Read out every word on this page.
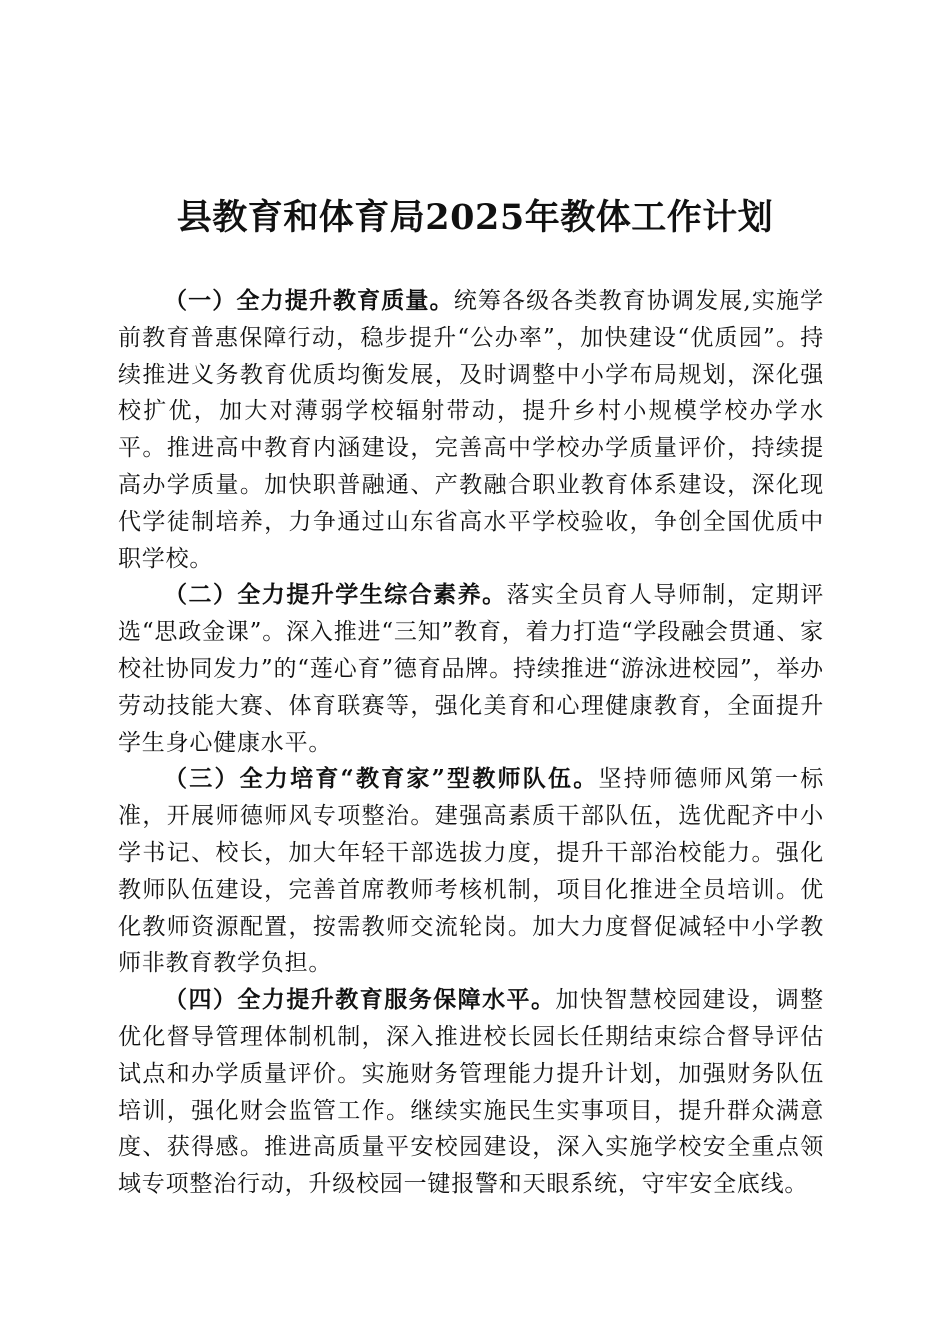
县教育和体育局2025年教体工作计划

（一）全力提升教育质量。统筹各级各类教育协调发展,实施学前教育普惠保障行动，稳步提升“公办率”，加快建设“优质园”。持续推进义务教育优质均衡发展，及时调整中小学布局规划，深化强校扩优，加大对薄弱学校辐射带动，提升乡村小规模学校办学水平。推进高中教育内涵建设，完善高中学校办学质量评价，持续提高办学质量。加快职普融通、产教融合职业教育体系建设，深化现代学徒制培养，力争通过山东省高水平学校验收，争创全国优质中职学校。

（二）全力提升学生综合素养。落实全员育人导师制，定期评选“思政金课”。深入推进“三知”教育，着力打造“学段融会贯通、家校社协同发力”的“莲心育”德育品牌。持续推进“游泳进校园”，举办劳动技能大赛、体育联赛等，强化美育和心理健康教育，全面提升学生身心健康水平。

（三）全力培育“教育家”型教师队伍。坚持师德师风第一标准，开展师德师风专项整治。建强高素质干部队伍，选优配齐中小学书记、校长，加大年轻干部选拔力度，提升干部治校能力。强化教师队伍建设，完善首席教师考核机制，项目化推进全员培训。优化教师资源配置，按需教师交流轮岗。加大力度督促减轻中小学教师非教育教学负担。

（四）全力提升教育服务保障水平。加快智慧校园建设，调整优化督导管理体制机制，深入推进校长园长任期结束综合督导评估试点和办学质量评价。实施财务管理能力提升计划，加强财务队伍培训，强化财会监管工作。继续实施民生实事项目，提升群众满意度、获得感。推进高质量平安校园建设，深入实施学校安全重点领域专项整治行动，升级校园一键报警和天眼系统，守牢安全底线。
